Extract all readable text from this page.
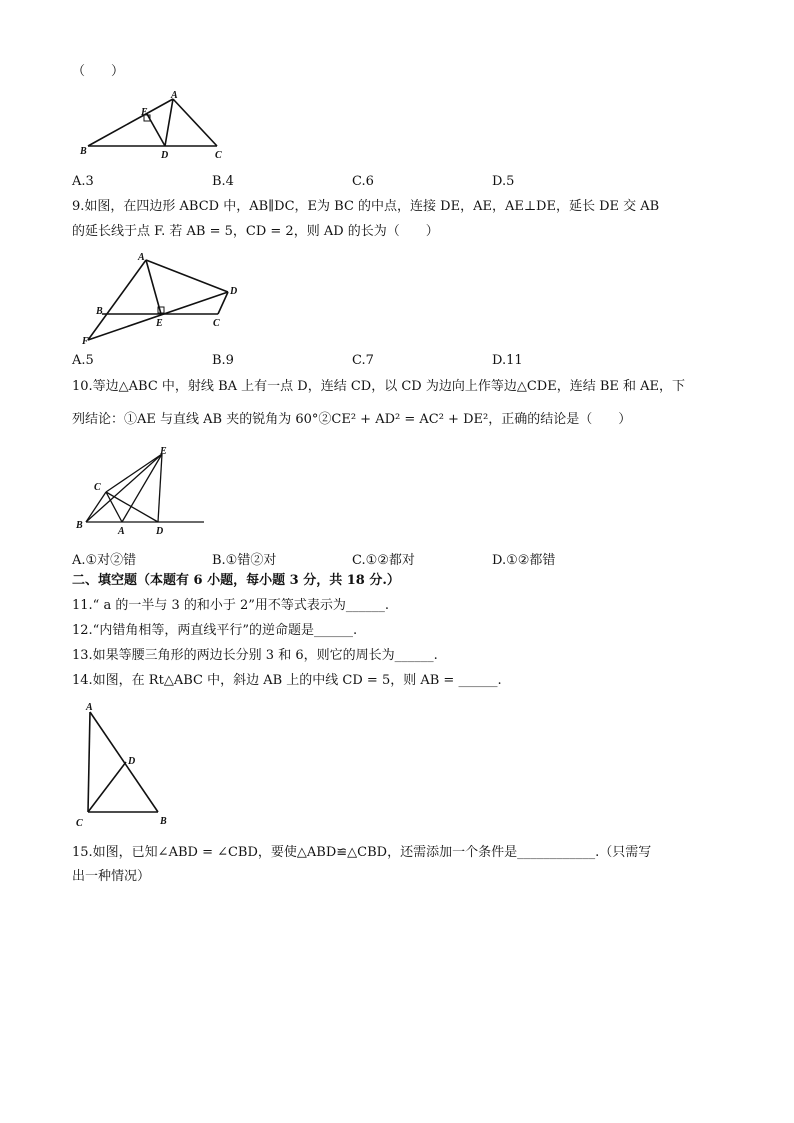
（　　）
B
E
A
D	C
A.3	B.4	C.6	D.5
9.如图，在四边形 ABCD 中，AB∥DC，E为 BC 的中点，连接 DE，AE，AE⊥DE，延长 DE 交 AB
的延长线于点 F. 若 AB = 5，CD = 2，则 AD 的长为（　　）
A
B
D
E	C
F
A.5	B.9	C.7	D.11
10.等边△ABC 中，射线 BA 上有一点 D，连结 CD，以 CD 为边向上作等边△CDE，连结 BE 和 AE，下
列结论：①AE 与直线 AB 夹的锐角为 60°②CE² + AD² = AC² + DE²，正确的结论是（　　）
E
C
B
A	D
A.①对②错	B.①错②对	C.①②都对	D.①②都错
二、填空题（本题有 6 小题，每小题 3 分，共 18 分.）
11.“ a 的一半与 3 的和小于 2”用不等式表示为______.
12.“内错角相等，两直线平行”的逆命题是______.
13.如果等腰三角形的两边长分别 3 和 6，则它的周长为______.
14.如图，在 Rt△ABC 中，斜边 AB 上的中线 CD = 5，则 AB = ______.
A
D
C	B
15.如图，已知∠ABD = ∠CBD，要使△ABD≌△CBD，还需添加一个条件是____________.（只需写
出一种情况）
